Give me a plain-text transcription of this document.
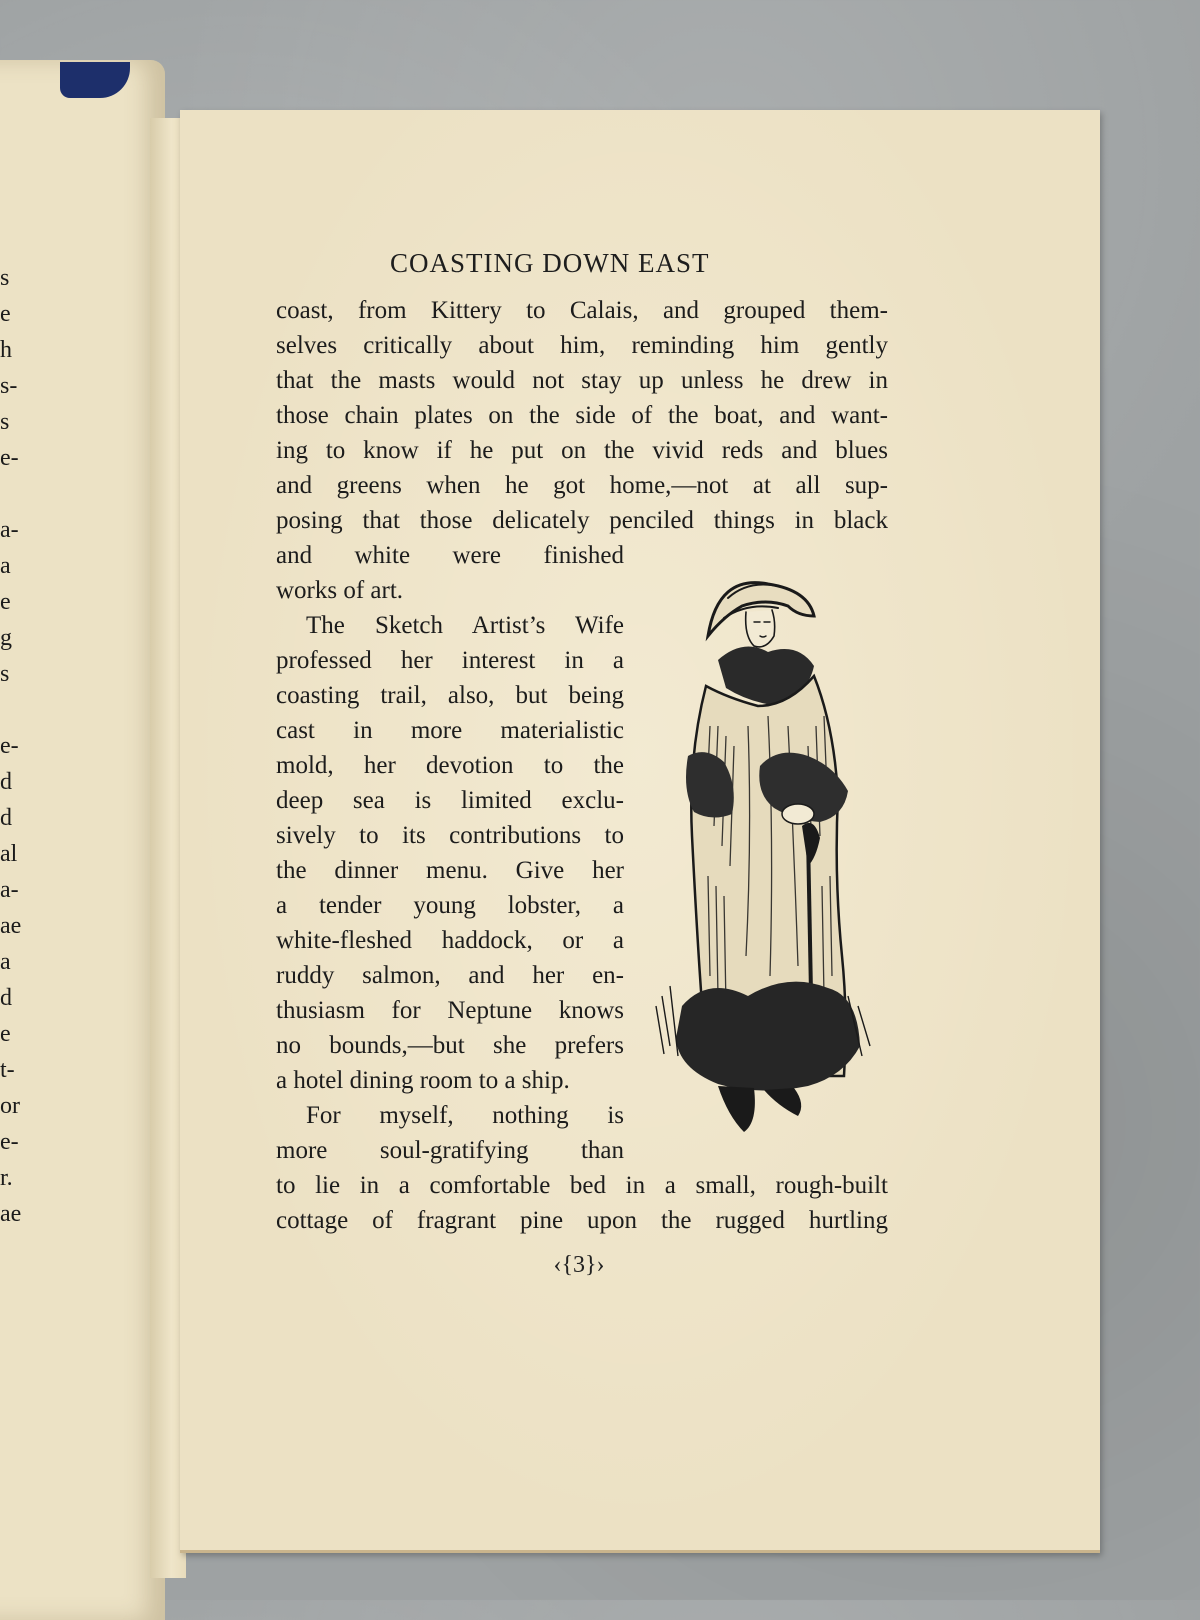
s
e
h
s-
s
e-
a-
a
e
g
s
e-
d
d
al
a-
ae
a
d
e
t-
or
e-
r.
ae
COASTING DOWN EAST
coast, from Kittery to Calais, and grouped them-
selves critically about him, reminding him gently
that the masts would not stay up unless he drew in
those chain plates on the side of the boat, and want-
ing to know if he put on the vivid reds and blues
and greens when he got home,—not at all sup-
posing that those delicately penciled things in black
and white were finished
works of art.
The Sketch Artist’s Wife
professed her interest in a
coasting trail, also, but being
cast in more materialistic
mold, her devotion to the
deep sea is limited exclu-
sively to its contributions to
the dinner menu. Give her
a tender young lobster, a
white-fleshed haddock, or a
ruddy salmon, and her en-
thusiasm for Neptune knows
no bounds,—but she prefers
a hotel dining room to a ship.
For myself, nothing is
more soul-gratifying than
to lie in a comfortable bed in a small, rough-built
cottage of fragrant pine upon the rugged hurtling
‹{3}›
